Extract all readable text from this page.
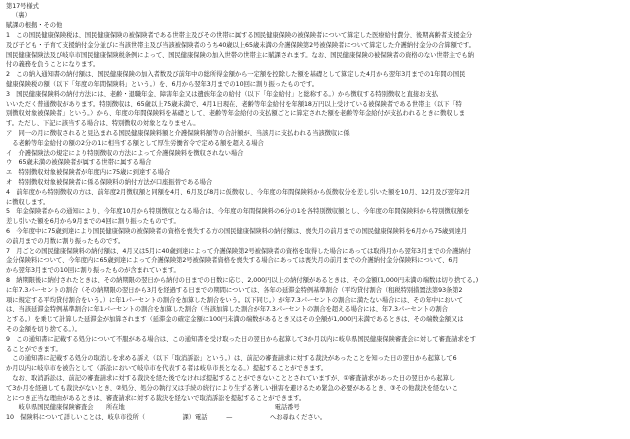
第17号様式
（裏）
賦課の根拠・その他
1　この国民健康保険税は、国民健康保険の被保険者である世帯主及びその世帯に属する国民健康保険の被保険者について算定した医療給付費分、後期高齢者支援金分
及び子ども・子育て支援納付金分並びに当該世帯主及び当該被保険者のうち40歳以上65歳未満の介護保険第2号被保険者について算定した介護納付金分の合算額です。
国民健康保険法及び岐阜市国民健康保険税条例によって、国民健康保険の加入世帯の世帯主に賦課されます。なお、国民健康保険の被保険者の資格のない世帯主でも納
付の義務を負うことになります。
2　この納入通知書の納付額は、国民健康保険の加入者数及び前年中の総所得金額から一定額を控除した額を基礎として算定した4月から翌年3月までの1年間の国民
健康保険税の額（以下「年度の年間保険料」という。）を、6月から翌年3月までの10回に割り振ったものです。
3　国民健康保険料の納付方法には、老齢・退職年金、障害年金又は遺族年金の給付（以下「年金給付」と総称する。）から徴収する特別徴収と直接お支払
いいただく普通徴収があります。特別徴収は、65歳以上75歳未満で、4月1日現在、老齢等年金給付を年額18万円以上受けている被保険者である世帯主（以下「特
別徴収対象被保険者」という。）から、年度の年間保険料を基礎として、老齢等年金給付の支払額ごとに算定された額を老齢等年金給付が支払われるときに徴収しま
す。ただし、下記に該当する場合は、特別徴収の対象となりません。
ア　同一の月に徴収されると見込まれる国民健康保険料額と介護保険料額等の合計額が、当該月に支払われる当該徴収に係
　る老齢等年金給付の額の2分の1に相当する額として厚生労働省令で定める額を超える場合
イ　介護保険法の規定により特別徴収の方法によって介護保険料を徴収されない場合
ウ　65歳未満の被保険者が属する世帯に属する場合
エ　特別徴収対象被保険者が年度内に75歳に到達する場合
オ　特別徴収対象被保険者に係る保険料の納付方法が口座振替である場合
4　前年度から特別徴収の方は、前年度2月徴収額と同額を4月、6月及び8月に仮徴収し、今年度の年間保険料から仮徴収分を差し引いた額を10月、12月及び翌年2月
に徴収します。
5　年金保険者からの通知により、今年度10月から特別徴収となる場合は、今年度の年間保険料の6分の1を各特別徴収額とし、今年度の年間保険料から特別徴収額を
差し引いた額を6月から9月までの4回に割り振ったものです。
6　今年度中に75歳到達により国民健康保険の被保険者の資格を喪失する方の国民健康保険料の納付額は、喪失月の前月までの国民健康保険料を6月から75歳到達月
の前月までの月数に割り振ったものです。
7　月ごとの国民健康保険料の納付額は、4月又は5月に40歳到達によって介護保険第2号被保険者の資格を取得した場合にあっては取得月から翌年3月までの介護納付
金分保険料について、今年度内に65歳到達によって介護保険第2号被保険者資格を喪失する場合にあっては喪失月の前月までの介護納付金分保険料について、6月
から翌年3月までの10回に割り振ったものが含まれています。
8　納期限後に納付されたときは、その納期限の翌日から納付の日までの日数に応じ、2,000円以上の納付額があるときは、その金額(1,000円未満の端数は切り捨てる。)
に年7.3パーセントの割合（その納期限の翌日から3月を経過する日までの期間については、各年の延滞金特例基準割合（平均貸付割合（租税特別措置法第93条第2
項に規定する平均貸付割合をいう。）に年1パーセントの割合を加算した割合をいう。以下同じ。）が年7.3パーセントの割合に満たない場合には、その年中において
は、当該延滞金特例基準割合に年1パーセントの割合を加算した割合（当該加算した割合が年7.3パーセントの割合を超える場合には、年7.3パーセントの割合
とする。）を乗じて計算した延滞金が加算されます（延滞金の確定金額に100円未満の端数があるとき又はその全額が1,000円未満であるときは、その端数金額又は
その金額を切り捨てる。）。
9　この通知書に記載する処分について不服がある場合は、この通知書を受け取った日の翌日から起算して3か月以内に岐阜県国民健康保険審査会に対して審査請求をす
ることができます。
　この通知書に記載する処分の取消しを求める訴え（以下「取消訴訟」という。）は、前記の審査請求に対する裁決があったことを知った日の翌日から起算して6
か月以内に岐阜市を被告として（訴訟において岐阜市を代表する者は岐阜市長となる。）提起することができます。
　なお、取消訴訟は、前記の審査請求に対する裁決を経た後でなければ提起することができないこととされていますが、①審査請求があった日の翌日から起算し
て3か月を経過しても裁決がないとき、②処分、処分の執行又は手続の続行により生ずる著しい損害を避けるため緊急の必要があるとき、③その他裁決を経ないこ
とにつき正当な理由があるときは、審査請求に対する裁決を経ないで取消訴訟を提起することができます。
　　岐阜県国民健康保険審査会　　所在地　　　　　　　　　　　　　　　　　　　　　　　　電話番号
10　保険料について詳しいことは、岐阜市役所（　　　　　　課）電話　　　—　　　　　　へお尋ねください。
